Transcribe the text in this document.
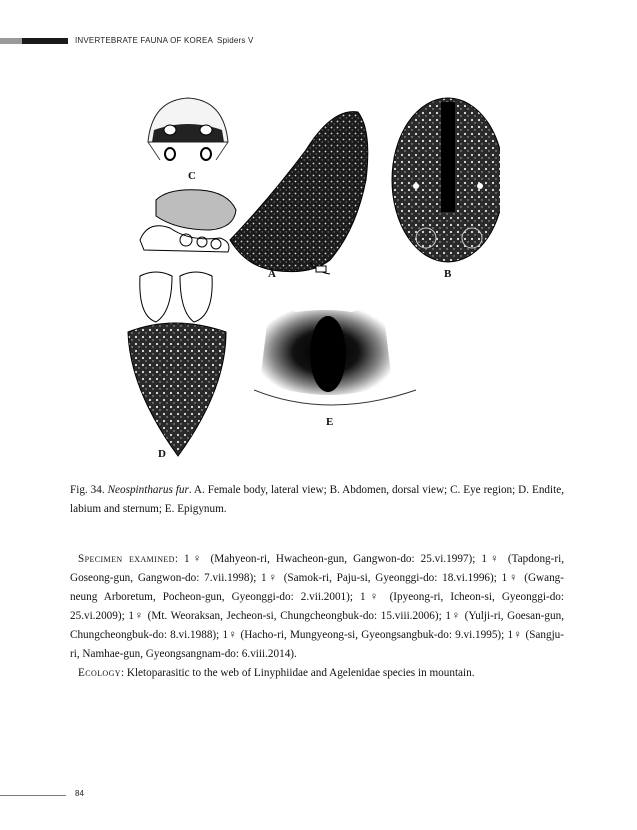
INVERTEBRATE FAUNA OF KOREA Spiders V
C
A	B
E
D
Fig. 34. Neospintharus fur. A. Female body, lateral view; B. Abdomen, dorsal view; C. Eye region; D. Endite, labium and sternum; E. Epigynum.

Specimen examined: 1♀ (Mahyeon-ri, Hwacheon-gun, Gangwon-do: 25.vi.1997); 1♀ (Tapdong-ri, Goseong-gun, Gangwon-do: 7.vii.1998); 1♀ (Samok-ri, Paju-si, Gyeonggi-do: 18.vi.1996); 1♀ (Gwang-neung Arboretum, Pocheon-gun, Gyeonggi-do: 2.vii.2001); 1♀ (Ipyeong-ri, Icheon-si, Gyeonggi-do: 25.vi.2009); 1♀ (Mt. Weoraksan, Jecheon-si, Chungcheongbuk-do: 15.viii.2006); 1♀ (Yulji-ri, Goesan-gun, Chungcheongbuk-do: 8.vi.1988); 1♀ (Hacho-ri, Mungyeong-si, Gyeongsangbuk-do: 9.vi.1995); 1♀ (Sangju-ri, Namhae-gun, Gyeongsangnam-do: 6.viii.2014).

Ecology: Kletoparasitic to the web of Linyphiidae and Agelenidae species in mountain.

84
